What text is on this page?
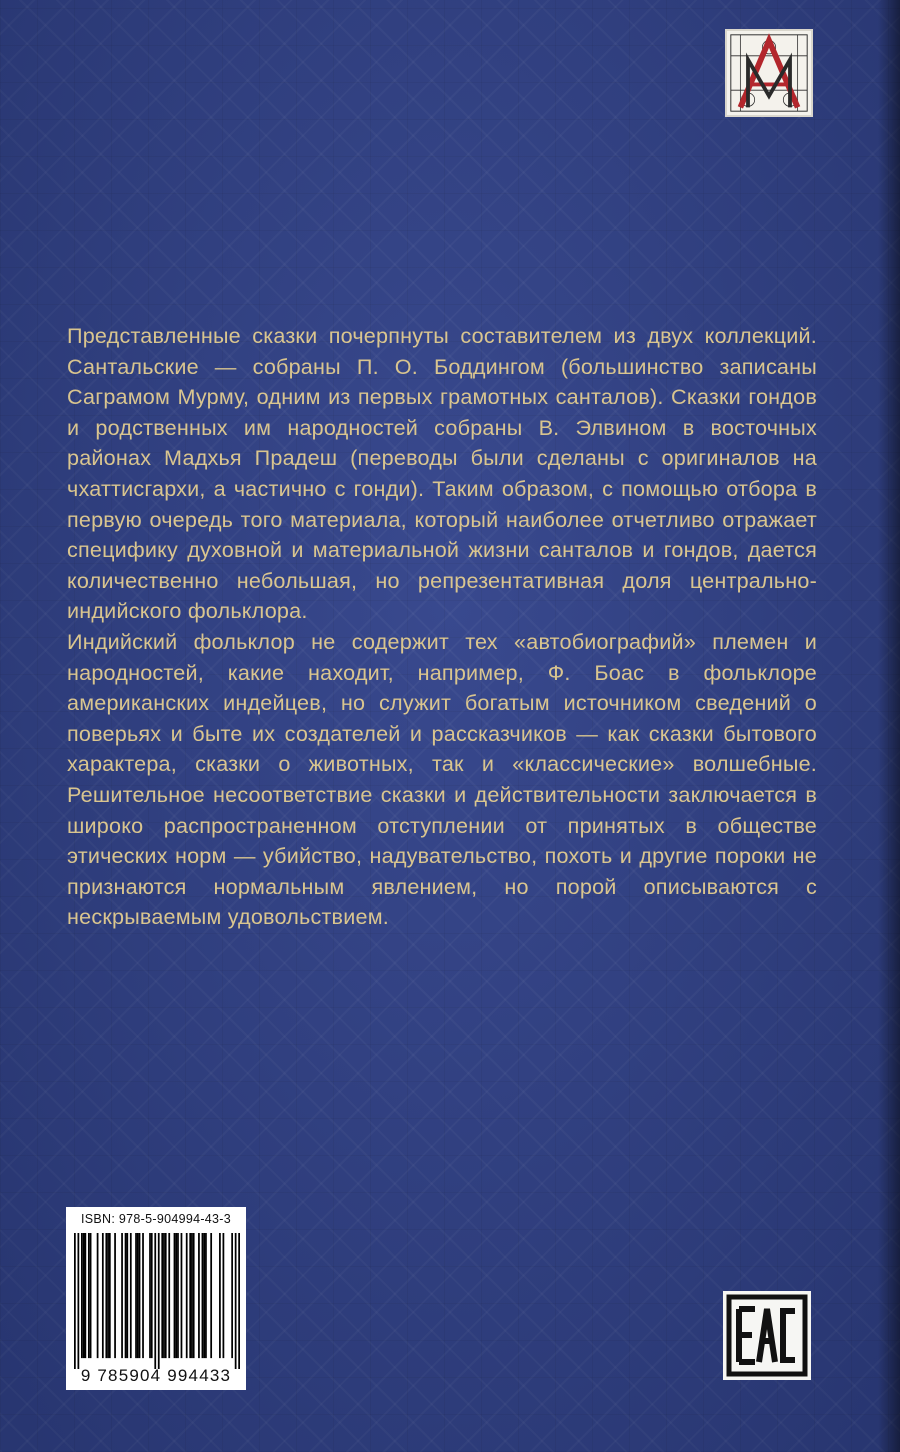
Представленные сказки почерпнуты составителем из двух коллекций. Сантальские — собраны П. О. Боддингом (большинство записаны Саграмом Мурму, одним из первых грамотных санталов). Сказки гондов и родственных им народностей собраны В. Элвином в восточных районах Мадхья Прадеш (переводы были сделаны с оригиналов на чхаттисгархи, а частично с гонди). Таким образом, с помощью отбора в первую очередь того материала, который наиболее отчетливо отражает специфику духовной и материальной жизни санталов и гондов, дается количественно небольшая, но репрезентативная доля центрально-индийского фольклора.

Индийский фольклор не содержит тех «автобиографий» племен и народностей, какие находит, например, Ф. Боас в фольклоре американских индейцев, но служит богатым источником сведений о поверьях и быте их создателей и рассказчиков — как сказки бытового характера, сказки о животных, так и «классические» волшебные. Решительное несоответствие сказки и действительности заключается в широко распространенном отступлении от принятых в обществе этических норм — убийство, надувательство, похоть и другие пороки не признаются нормальным явлением, но порой описываются с нескрываемым удовольствием.

ISBN: 978-5-904994-43-3
9 785904 994433
